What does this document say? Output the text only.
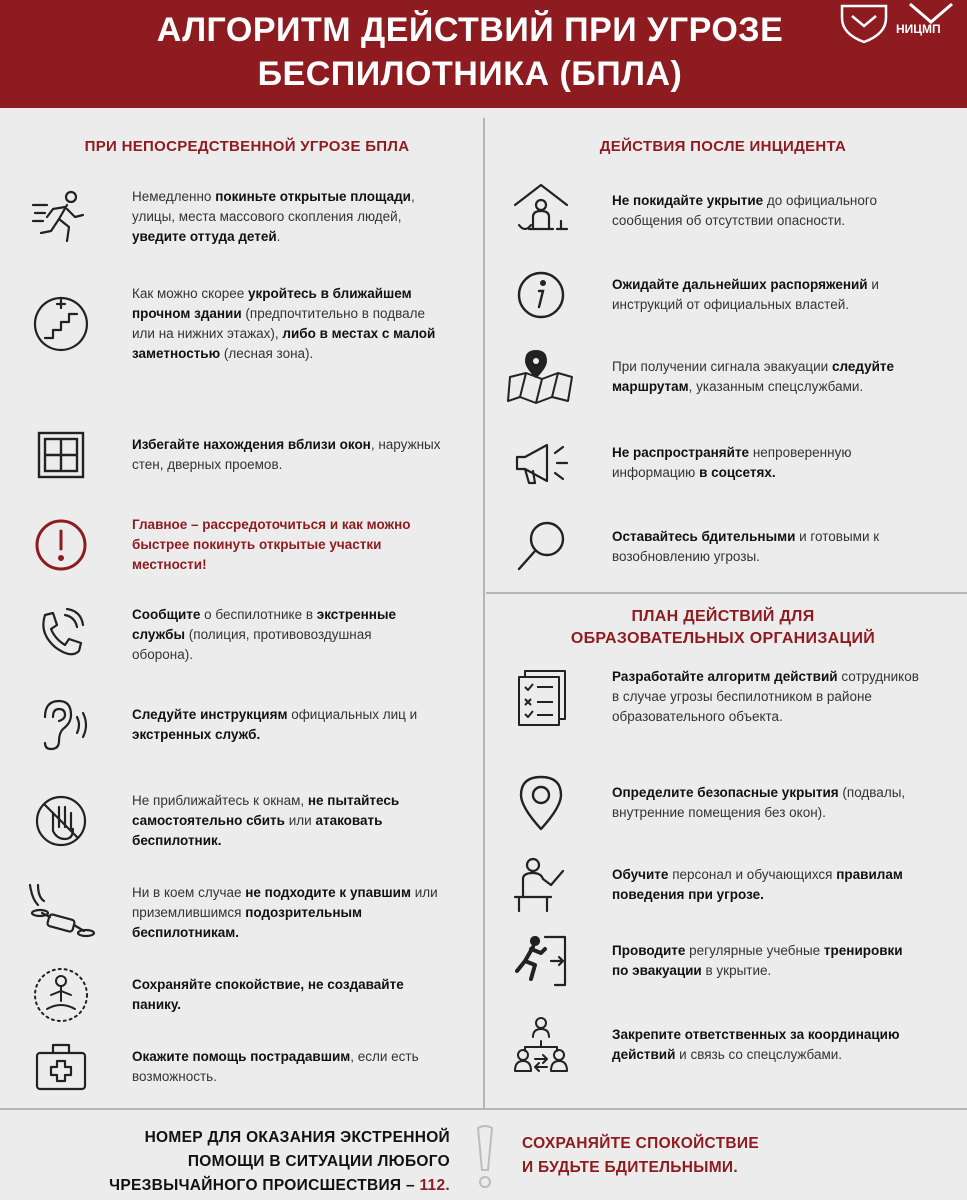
АЛГОРИТМ ДЕЙСТВИЙ ПРИ УГРОЗЕ
БЕСПИЛОТНИКА (БПЛА)
НИЦМП
ПРИ НЕПОСРЕДСТВЕННОЙ УГРОЗЕ БПЛА
Немедленно покиньте открытые площади, улицы, места массового скопления людей, уведите оттуда детей.
Как можно скорее укройтесь в ближайшем прочном здании (предпочтительно в подвале или на нижних этажах), либо в местах с малой заметностью (лесная зона).
Избегайте нахождения вблизи окон, наружных стен, дверных проемов.
Главное – рассредоточиться и как можно быстрее покинуть открытые участки местности!
Сообщите о беспилотнике в экстренные службы (полиция, противовоздушная оборона).
Следуйте инструкциям официальных лиц и экстренных служб.
Не приближайтесь к окнам, не пытайтесь самостоятельно сбить или атаковать беспилотник.
Ни в коем случае не подходите к упавшим или приземлившимся подозрительным беспилотникам.
Сохраняйте спокойствие, не создавайте панику.
Окажите помощь пострадавшим, если есть возможность.
ДЕЙСТВИЯ ПОСЛЕ ИНЦИДЕНТА
Не покидайте укрытие до официального сообщения об отсутствии опасности.
Ожидайте дальнейших распоряжений и инструкций от официальных властей.
При получении сигнала эвакуации следуйте маршрутам, указанным спецслужбами.
Не распространяйте непроверенную информацию в соцсетях.
Оставайтесь бдительными и готовыми к возобновлению угрозы.
ПЛАН ДЕЙСТВИЙ ДЛЯ
ОБРАЗОВАТЕЛЬНЫХ ОРГАНИЗАЦИЙ
Разработайте алгоритм действий сотрудников в случае угрозы беспилотником в районе образовательного объекта.
Определите безопасные укрытия (подвалы, внутренние помещения без окон).
Обучите персонал и обучающихся правилам поведения при угрозе.
Проводите регулярные учебные тренировки по эвакуации в укрытие.
Закрепите ответственных за координацию действий и связь со спецслужбами.
НОМЕР ДЛЯ ОКАЗАНИЯ ЭКСТРЕННОЙ
ПОМОЩИ В СИТУАЦИИ ЛЮБОГО
ЧРЕЗВЫЧАЙНОГО ПРОИСШЕСТВИЯ – 112.
СОХРАНЯЙТЕ СПОКОЙСТВИЕ
И БУДЬТЕ БДИТЕЛЬНЫМИ.
